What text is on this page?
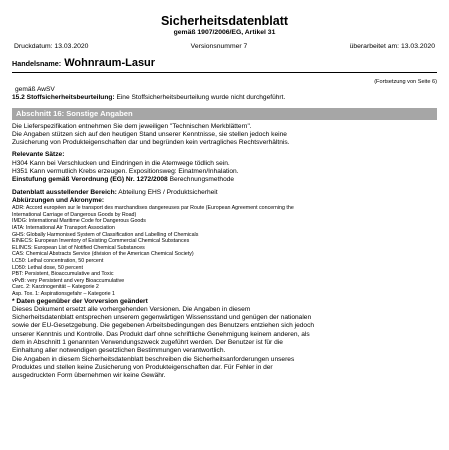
Sicherheitsdatenblatt
gemäß 1907/2006/EG, Artikel 31
Druckdatum: 13.03.2020	Versionsnummer 7	überarbeitet am: 13.03.2020
Handelsname: Wohnraum-Lasur
(Fortsetzung von Seite 6)
gemäß AwSV
15.2 Stoffsicherheitsbeurteilung: Eine Stoffsicherheitsbeurteilung wurde nicht durchgeführt.
Abschnitt 16: Sonstige Angaben
Die Lieferspezifikation entnehmen Sie dem jeweiligen "Technischen Merkblättern".
Die Angaben stützen sich auf den heutigen Stand unserer Kenntnisse, sie stellen jedoch keine
Zusicherung von Produkteigenschaften dar und begründen kein vertragliches Rechtsverhältnis.
Relevante Sätze:
H304 Kann bei Verschlucken und Eindringen in die Atemwege tödlich sein.
H351 Kann vermutlich Krebs erzeugen. Expositionsweg: Einatmen/Inhalation.
Einstufung gemäß Verordnung (EG) Nr. 1272/2008 Berechnungsmethode
Datenblatt ausstellender Bereich: Abteilung EHS / Produktsicherheit
Abkürzungen und Akronyme:
ADR: Accord européen sur le transport des marchandises dangereuses par Route (European Agreement concerning the
International Carriage of Dangerous Goods by Road)
IMDG: International Maritime Code for Dangerous Goods
IATA: International Air Transport Association
GHS: Globally Harmonised System of Classification and Labelling of Chemicals
EINECS: European Inventory of Existing Commercial Chemical Substances
ELINCS: European List of Notified Chemical Substances
CAS: Chemical Abstracts Service (division of the American Chemical Society)
LC50: Lethal concentration, 50 percent
LD50: Lethal dose, 50 percent
PBT: Persistent, Bioaccumulative and Toxic
vPvB: very Persistent and very Bioaccumulative
Carc. 2: Karzinogenität – Kategorie 2
Asp. Tox. 1: Aspirationsgefahr – Kategorie 1
* Daten gegenüber der Vorversion geändert
Dieses Dokument ersetzt alle vorhergehenden Versionen. Die Angaben in diesem
Sicherheitsdatenblatt entsprechen unserem gegenwärtigen Wissensstand und genügen der nationalen
sowie der EU-Gesetzgebung. Die gegebenen Arbeitsbedingungen des Benutzers entziehen sich jedoch
unserer Kenntnis und Kontrolle. Das Produkt darf ohne schriftliche Genehmigung keinem anderen, als
dem in Abschnitt 1 genannten Verwendungszweck zugeführt werden. Der Benutzer ist für die
Einhaltung aller notwendigen gesetzlichen Bestimmungen verantwortlich.
Die Angaben in diesem Sicherheitsdatenblatt beschreiben die Sicherheitsanforderungen unseres
Produktes und stellen keine Zusicherung von Produkteigenschaften dar. Für Fehler in der
ausgedruckten Form übernehmen wir keine Gewähr.
